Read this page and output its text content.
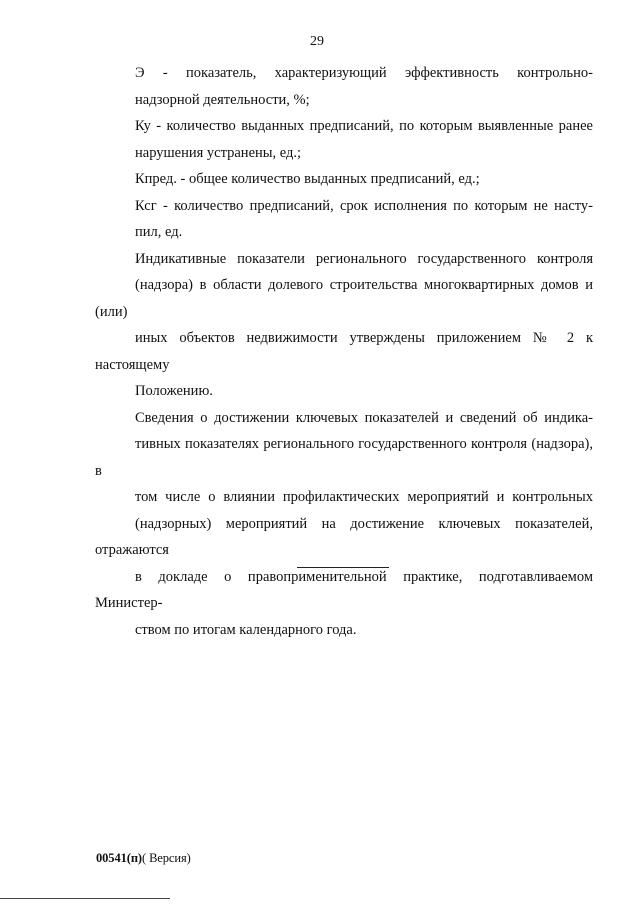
29

Э - показатель, характеризующий эффективность контрольно-
надзорной деятельности, %;

Ку - количество выданных предписаний, по которым выявленные ранее
нарушения устранены, ед.;

Кпред. - общее количество выданных предписаний, ед.;

Ксг - количество предписаний, срок исполнения по которым не насту-
пил, ед.

Индикативные показатели регионального государственного контроля
(надзора) в области долевого строительства многоквартирных домов и (или)
иных объектов недвижимости утверждены приложением № 2 к настоящему
Положению.

Сведения о достижении ключевых показателей и сведений об индика-
тивных показателях регионального государственного контроля (надзора), в
том числе о влиянии профилактических мероприятий и контрольных
(надзорных) мероприятий на достижение ключевых показателей, отражаются
в докладе о правоприменительной практике, подготавливаемом Министер-
ством по итогам календарного года.

00541(п)( Версия)
